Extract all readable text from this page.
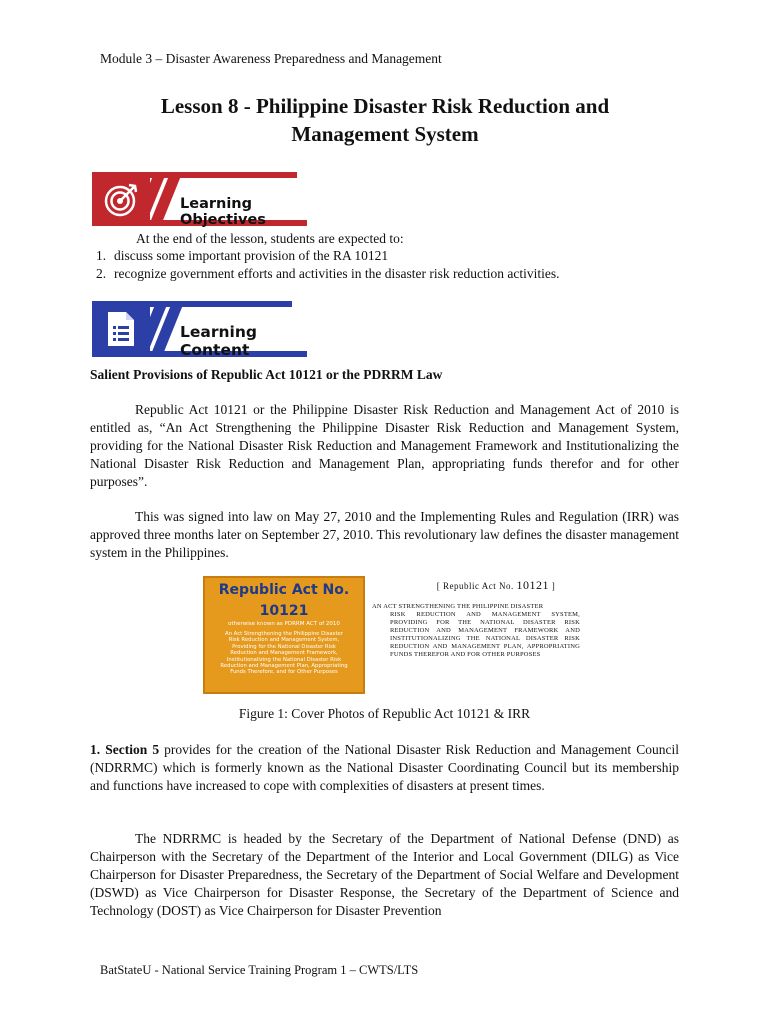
Module 3 – Disaster Awareness Preparedness and Management
Lesson 8 - Philippine Disaster Risk Reduction and
Management System
Learning Objectives
At the end of the lesson, students are expected to:
1. discuss some important provision of the RA 10121
2. recognize government efforts and activities in the disaster risk reduction activities.
Learning Content
Salient Provisions of Republic Act 10121 or the PDRRM Law
Republic Act 10121 or the Philippine Disaster Risk Reduction and Management Act of 2010 is entitled as, “An Act Strengthening the Philippine Disaster Risk Reduction and Management System, providing for the National Disaster Risk Reduction and Management Framework and Institutionalizing the National Disaster Risk Reduction and Management Plan, appropriating funds therefor and for other purposes”.
This was signed into law on May 27, 2010 and the Implementing Rules and Regulation (IRR) was approved three months later on September 27, 2010. This revolutionary law defines the disaster management system in the Philippines.
Republic Act No.
10121
otherwise known as PDRRM ACT of 2010
An Act Strengthening the Philippine Disaster Risk Reduction and Management System, Providing for the National Disaster Risk Reduction and Management Framework, Institutionalizing the National Disaster Risk Reduction and Management Plan, Appropriating Funds Therefore, and for Other Purposes
[ Republic Act No. 10121 ]
AN ACT STRENGTHENING THE PHILIPPINE DISASTER
RISK REDUCTION AND MANAGEMENT SYSTEM, PROVIDING FOR THE NATIONAL DISASTER RISK REDUCTION AND MANAGEMENT FRAMEWORK AND INSTITUTIONALIZING THE NATIONAL DISASTER RISK REDUCTION AND MANAGEMENT PLAN, APPROPRIATING FUNDS THEREFOR AND FOR OTHER PURPOSES
Figure 1: Cover Photos of Republic Act 10121 & IRR
1. Section 5 provides for the creation of the National Disaster Risk Reduction and Management Council (NDRRMC) which is formerly known as the National Disaster Coordinating Council but its membership and functions have increased to cope with complexities of disasters at present times.
The NDRRMC is headed by the Secretary of the Department of National Defense (DND) as Chairperson with the Secretary of the Department of the Interior and Local Government (DILG) as Vice Chairperson for Disaster Preparedness, the Secretary of the Department of Social Welfare and Development (DSWD) as Vice Chairperson for Disaster Response, the Secretary of the Department of Science and Technology (DOST) as Vice Chairperson for Disaster Prevention
BatStateU - National Service Training Program 1 – CWTS/LTS
